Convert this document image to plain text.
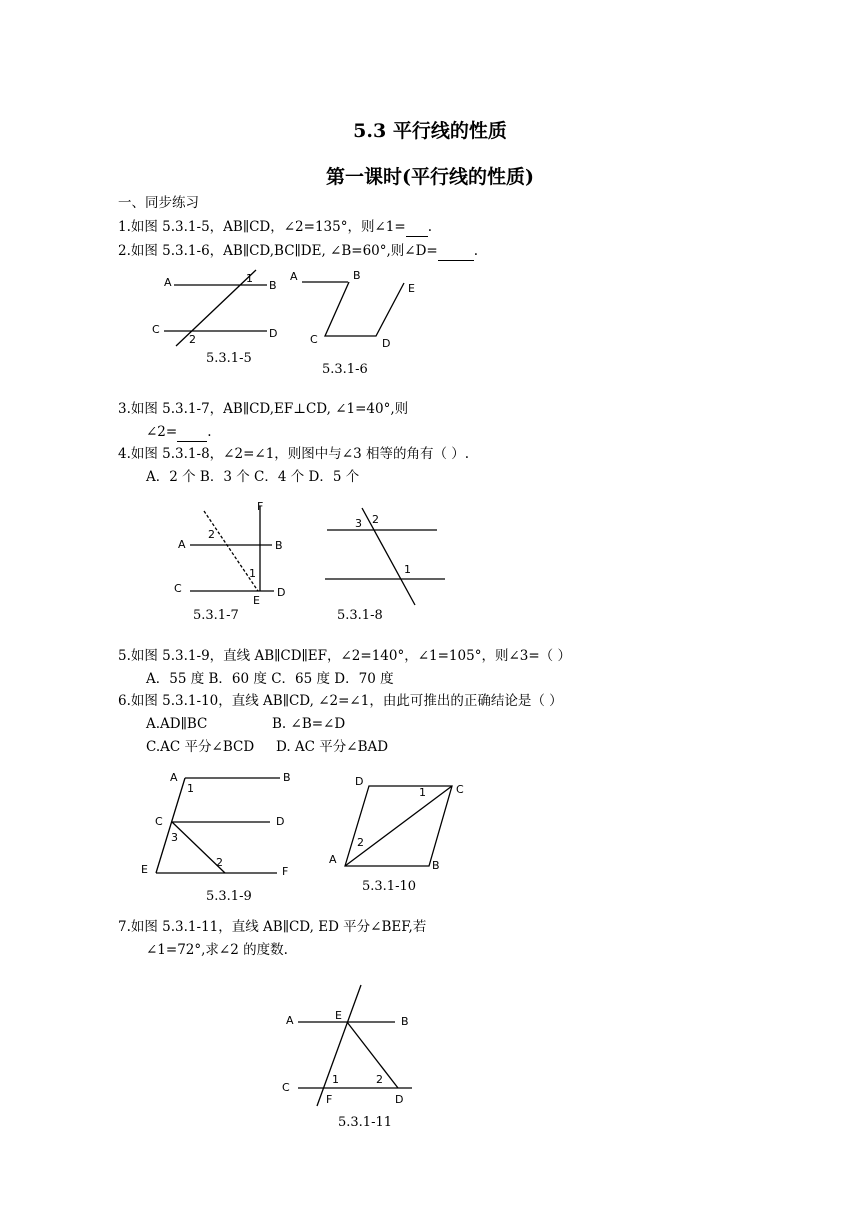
5.3 平行线的性质
第一课时(平行线的性质)
一、同步练习
1.如图 5.3.1-5，AB∥CD，∠2=135°，则∠1= .
2.如图 5.3.1-6，AB∥CD,BC∥DE, ∠B=60°,则∠D=	.
A	B
C	D
1
2
5.3.1-5
A	B
C	D
E
5.3.1-6
3.如图 5.3.1-7，AB∥CD,EF⊥CD, ∠1=40°,则
∠2= .
4.如图 5.3.1-8，∠2=∠1，则图中与∠3 相等的角有（ ）.
A．2 个 B．3 个 C．4 个 D．5 个
A	B
C	D
E
F
1
2
5.3.1-7
3 2
1
5.3.1-8
5.如图 5.3.1-9，直线 AB∥CD∥EF，∠2=140°，∠1=105°，则∠3=（ ）
A．55 度 B．60 度 C．65 度 D．70 度
6.如图 5.3.1-10，直线 AB∥CD, ∠2=∠1，由此可推出的正确结论是（ ）
A.AD∥BC	B. ∠B=∠D
C.AC 平分∠BCD D. AC 平分∠BAD
A	B
C	D
E	F
1
2
3
5.3.1-9
D
C
A	B
1
2
5.3.1-10
7.如图 5.3.1-11，直线 AB∥CD, ED 平分∠BEF,若
∠1=72°,求∠2 的度数.
A	B
C
D
E
F
1	2
5.3.1-11
